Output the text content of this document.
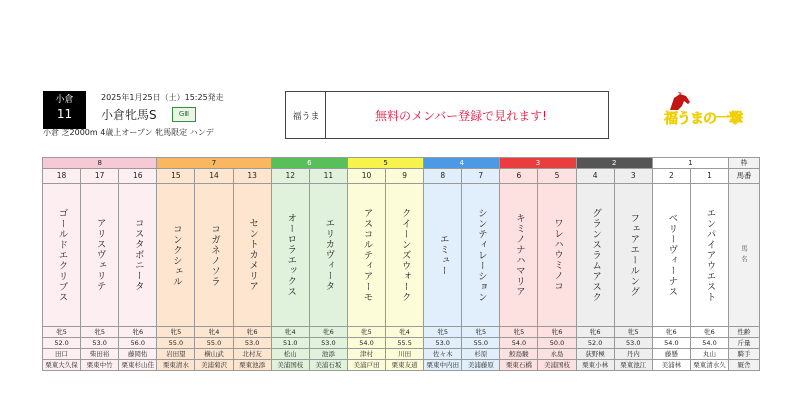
小倉
11
2025年1月25日（土）15:25発走
小倉牝馬S	GⅢ
小倉 芝2000m 4歳上オープン 牝馬限定 ハンデ
福うま	無料のメンバー登録で見れます!	福うまの一撃
8			7			6		5		4		3		2		1		枠

18	17	16	15	14	13	12	11	10	9	8	7	6	5	4	3	2	1	馬番

ゴールドエクリプス	アリスヴェリテ	コスタボニータ	コンクシェル	コガネノソラ	セントカメリア	オーロラエックス	エリカヴィータ	アスコルティアーモ	クイーンズウォーク	エミュー	シンティレーション	キミノナハマリア	ワレハウミノコ	グランスラムアスク	フェアエールング	ベリーヴィーナス	エンパイアウエスト	馬名

牝5	牝5	牝6	牝5	牝4	牝6	牝4	牝6	牝5	牝4	牝5	牝5	牝5	牝6	牝6	牝5	牝6	牝6	性齢

52.0	53.0	56.0	55.0	55.0	53.0	51.0	53.0	54.0	55.5	53.0	55.0	54.0	50.0	52.0	53.0	54.0	54.0	斤量

田口	柴田裕	藤岡佑	岩田望	横山武	北村友	松山	池添	津村	川田	佐々木	杉原	鮫島駿	永島	荻野極	丹内	藤懸	丸山	騎手

栗東大久保	栗東中竹	栗東杉山佳	栗東清水	美浦菊沢	栗東池添	美浦国枝	美浦石坂	美浦戸田	栗東友道	栗東中内田	美浦藤原	栗東石橋	美浦国枝	栗東小林	栗東池江	美浦林	栗東清水久	厩舎
